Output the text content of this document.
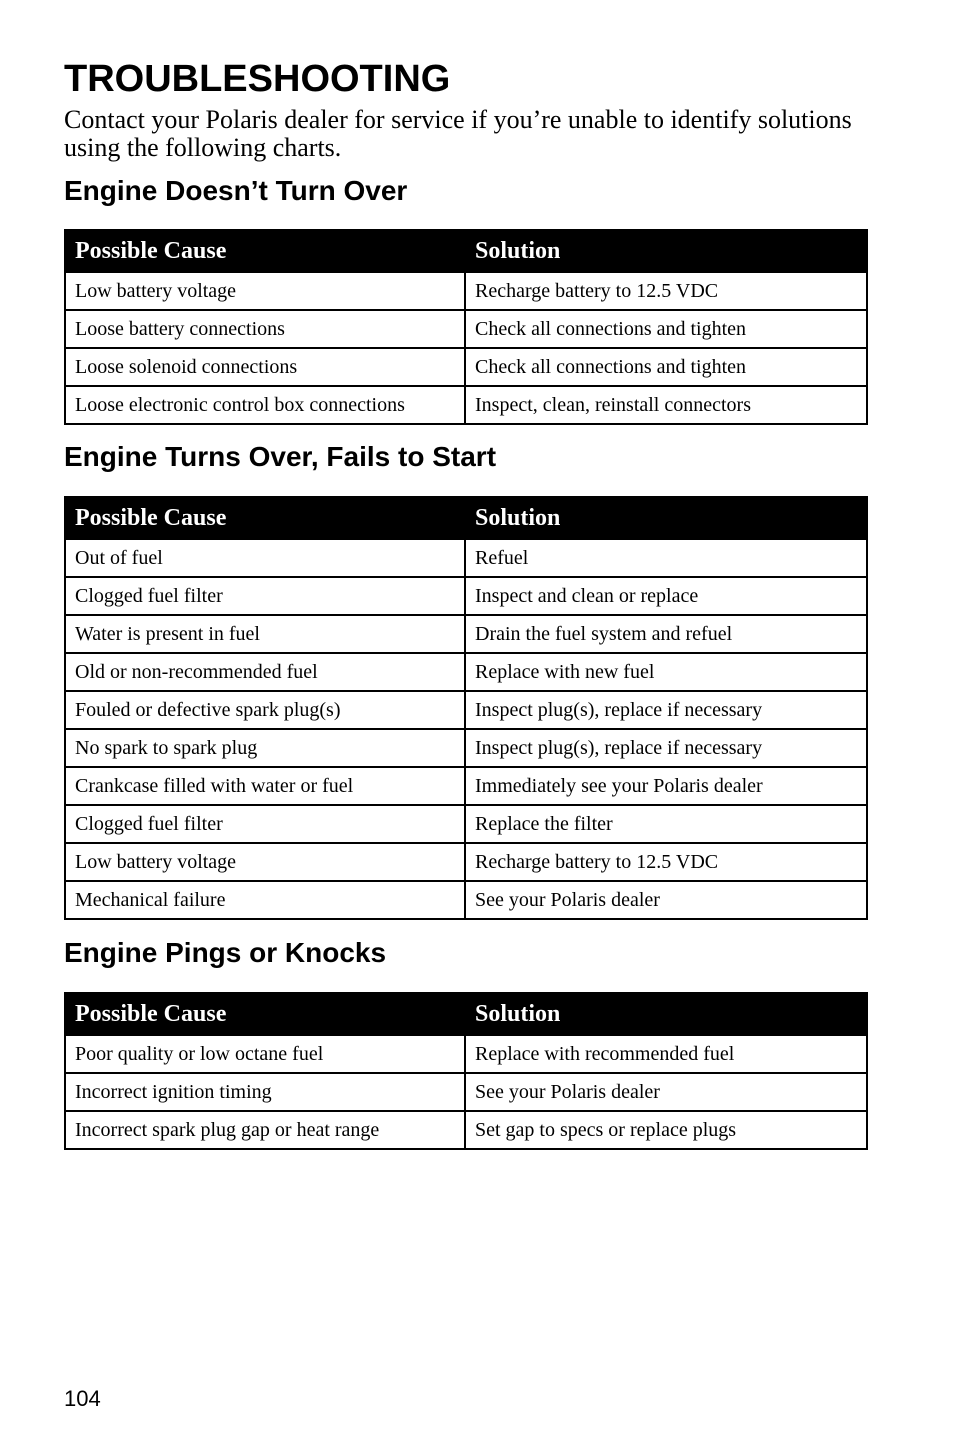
TROUBLESHOOTING

Contact your Polaris dealer for service if you’re unable to identify solutions using the following charts.

Engine Doesn’t Turn Over
Possible Cause	Solution
Low battery voltage	Recharge battery to 12.5 VDC
Loose battery connections	Check all connections and tighten
Loose solenoid connections	Check all connections and tighten
Loose electronic control box connections	Inspect, clean, reinstall connectors
Engine Turns Over, Fails to Start
Possible Cause	Solution
Out of fuel	Refuel
Clogged fuel filter	Inspect and clean or replace
Water is present in fuel	Drain the fuel system and refuel
Old or non-recommended fuel	Replace with new fuel
Fouled or defective spark plug(s)	Inspect plug(s), replace if necessary
No spark to spark plug	Inspect plug(s), replace if necessary
Crankcase filled with water or fuel	Immediately see your Polaris dealer
Clogged fuel filter	Replace the filter
Low battery voltage	Recharge battery to 12.5 VDC
Mechanical failure	See your Polaris dealer
Engine Pings or Knocks
Possible Cause	Solution
Poor quality or low octane fuel	Replace with recommended fuel
Incorrect ignition timing	See your Polaris dealer
Incorrect spark plug gap or heat range	Set gap to specs or replace plugs
104
